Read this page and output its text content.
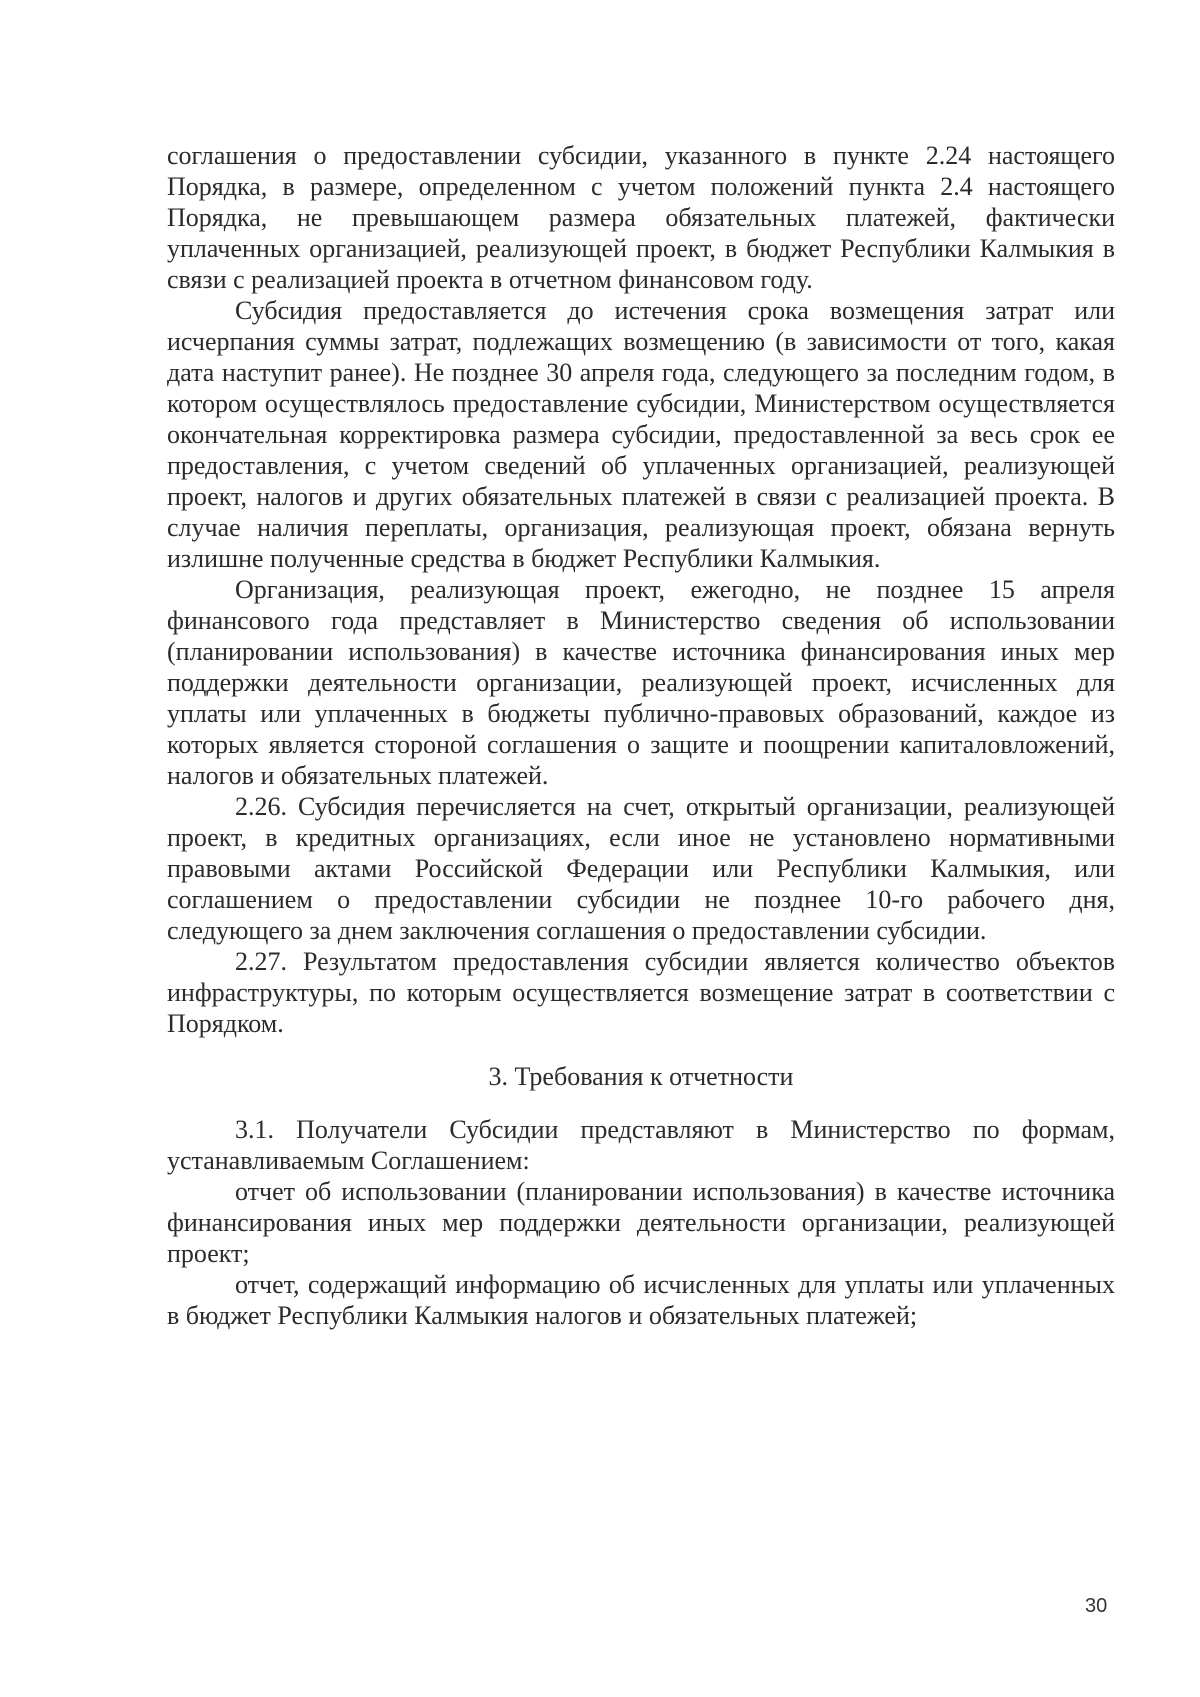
соглашения о предоставлении субсидии, указанного в пункте 2.24 настоящего Порядка, в размере, определенном с учетом положений пункта 2.4 настоящего Порядка, не превышающем размера обязательных платежей, фактически уплаченных организацией, реализующей проект, в бюджет Республики Калмыкия в связи с реализацией проекта в отчетном финансовом году.

Субсидия предоставляется до истечения срока возмещения затрат или исчерпания суммы затрат, подлежащих возмещению (в зависимости от того, какая дата наступит ранее). Не позднее 30 апреля года, следующего за последним годом, в котором осуществлялось предоставление субсидии, Министерством осуществляется окончательная корректировка размера субсидии, предоставленной за весь срок ее предоставления, с учетом сведений об уплаченных организацией, реализующей проект, налогов и других обязательных платежей в связи с реализацией проекта. В случае наличия переплаты, организация, реализующая проект, обязана вернуть излишне полученные средства в бюджет Республики Калмыкия.

Организация, реализующая проект, ежегодно, не позднее 15 апреля финансового года представляет в Министерство сведения об использовании (планировании использования) в качестве источника финансирования иных мер поддержки деятельности организации, реализующей проект, исчисленных для уплаты или уплаченных в бюджеты публично-правовых образований, каждое из которых является стороной соглашения о защите и поощрении капиталовложений, налогов и обязательных платежей.

2.26. Субсидия перечисляется на счет, открытый организации, реализующей проект, в кредитных организациях, если иное не установлено нормативными правовыми актами Российской Федерации или Республики Калмыкия, или соглашением о предоставлении субсидии не позднее 10-го рабочего дня, следующего за днем заключения соглашения о предоставлении субсидии.

2.27. Результатом предоставления субсидии является количество объектов инфраструктуры, по которым осуществляется возмещение затрат в соответствии с Порядком.

3. Требования к отчетности

3.1. Получатели Субсидии представляют в Министерство по формам, устанавливаемым Соглашением:

отчет об использовании (планировании использования) в качестве источника финансирования иных мер поддержки деятельности организации, реализующей проект;

отчет, содержащий информацию об исчисленных для уплаты или уплаченных в бюджет Республики Калмыкия налогов и обязательных платежей;

30
